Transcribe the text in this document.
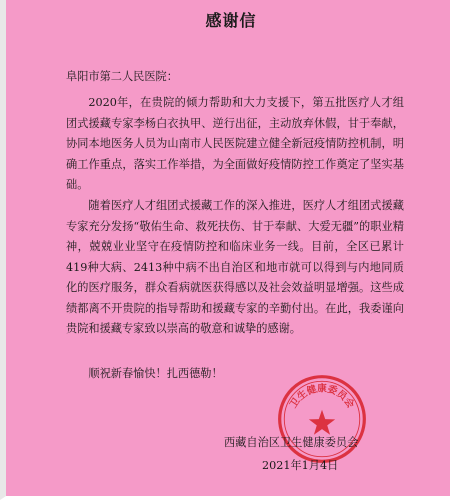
感谢信
阜阳市第二人民医院：

2020年，在贵院的倾力帮助和大力支援下，第五批医疗人才组团式援藏专家李杨白衣执甲、逆行出征，主动放弃休假，甘于奉献，协同本地医务人员为山南市人民医院建立健全新冠疫情防控机制，明确工作重点，落实工作举措，为全面做好疫情防控工作奠定了坚实基础。

随着医疗人才组团式援藏工作的深入推进，医疗人才组团式援藏专家充分发扬“敬佑生命、救死扶伤、甘于奉献、大爱无疆”的职业精神，兢兢业业坚守在疫情防控和临床业务一线。目前，全区已累计419种大病、2413种中病不出自治区和地市就可以得到与内地同质化的医疗服务，群众看病就医获得感以及社会效益明显增强。这些成绩都离不开贵院的指导帮助和援藏专家的辛勤付出。在此，我委谨向贵院和援藏专家致以崇高的敬意和诚挚的感谢。

顺祝新春愉快！扎西德勒！

卫生健康委员会
西藏自治区卫生健康委员会
2021年1月4日
